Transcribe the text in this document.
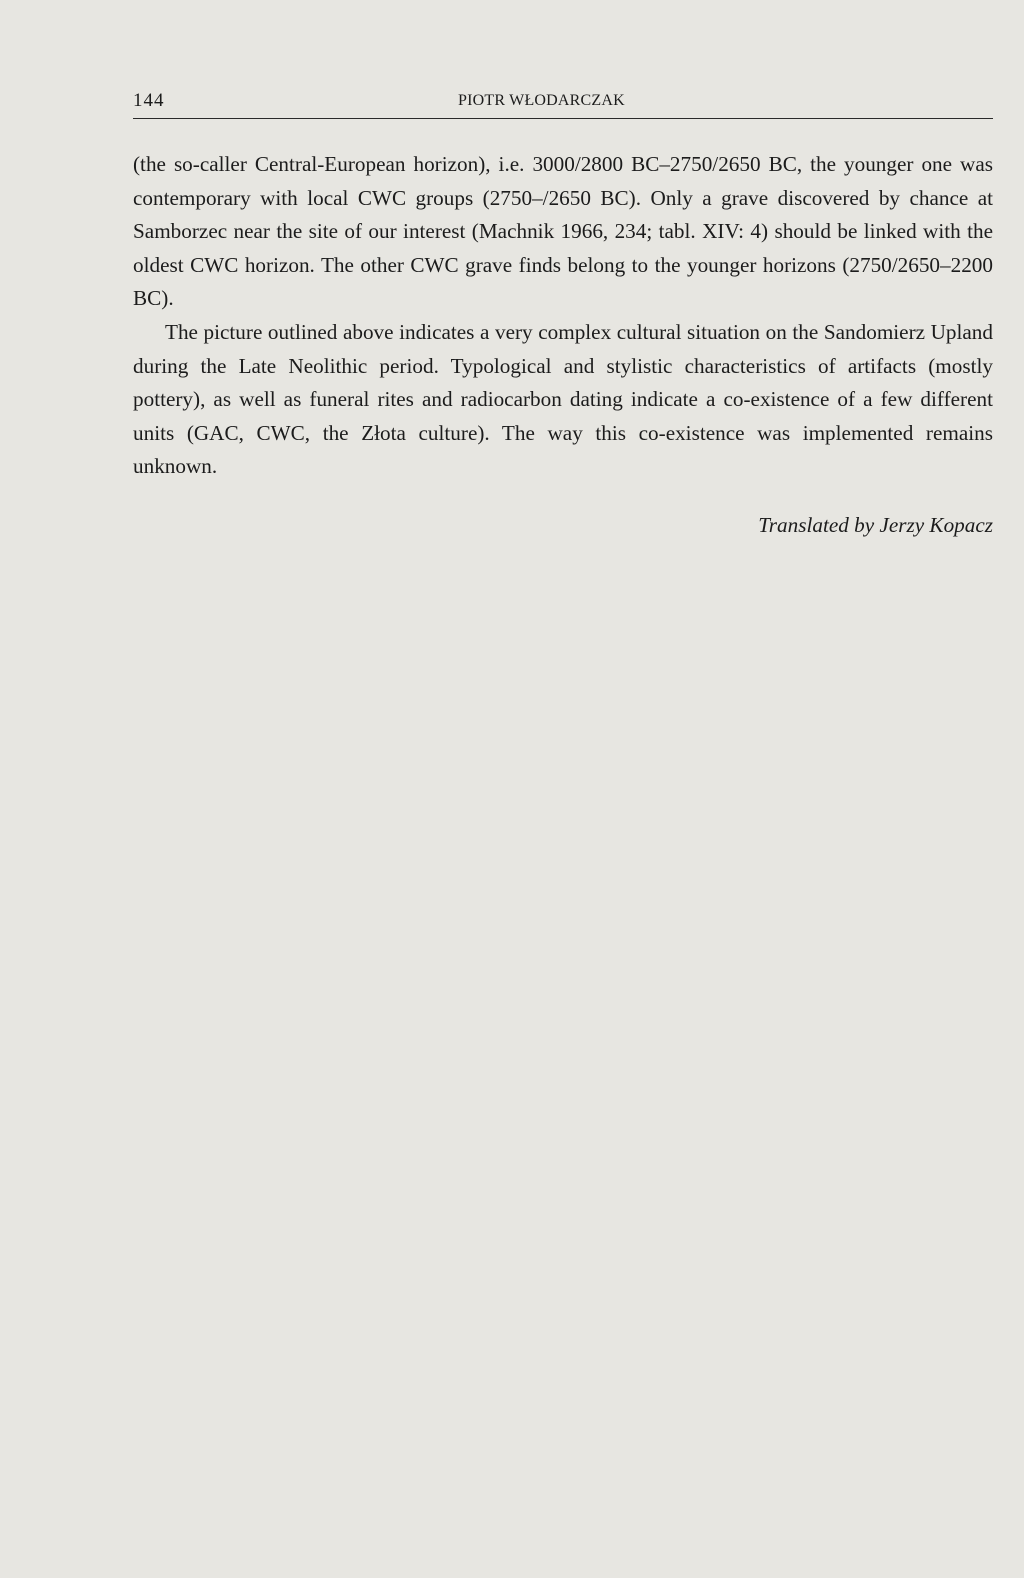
144	PIOTR WŁODARCZAK

(the so-caller Central-European horizon), i.e. 3000/2800 BC–2750/2650 BC, the younger one was contemporary with local CWC groups (2750–/2650 BC). Only a grave discovered by chance at Samborzec near the site of our interest (Machnik 1966, 234; tabl. XIV: 4) should be linked with the oldest CWC horizon. The other CWC grave finds belong to the younger horizons (2750/2650–2200 BC).

The picture outlined above indicates a very complex cultural situation on the Sandomierz Upland during the Late Neolithic period. Typological and stylistic characteristics of artifacts (mostly pottery), as well as funeral rites and radiocarbon dating indicate a co-existence of a few different units (GAC, CWC, the Złota culture). The way this co-existence was implemented remains unknown.

Translated by Jerzy Kopacz
